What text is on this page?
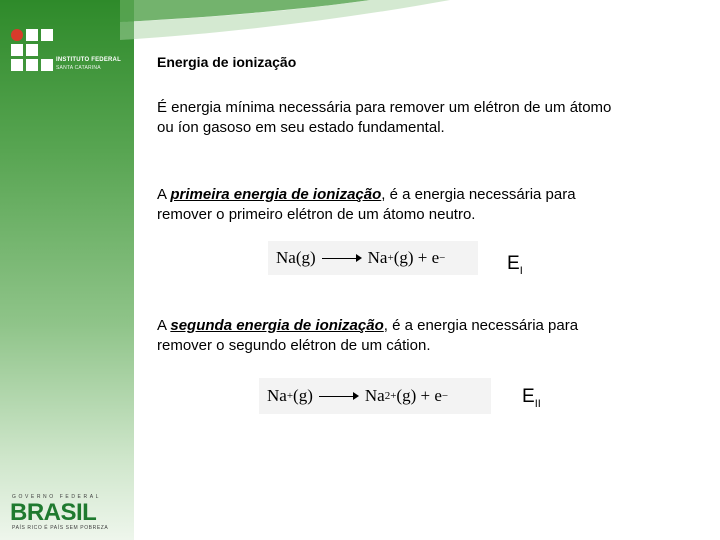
INSTITUTO FEDERAL
SANTA CATARINA	Energia de ionização

É energia mínima necessária para remover um elétron de um átomo ou íon gasoso em seu estado fundamental.

A primeira energia de ionização, é a energia necessária para remover o primeiro elétron de um átomo neutro.

Na(g)	Na + (g) + e −	$E_I$

A segunda energia de ionização, é a energia necessária para remover o segundo elétron de um cátion.

Na + (g)	Na 2+ (g) + e −	$E_{II}$
GOVERNO FEDERAL
BRASIL
PAÍS RICO É PAÍS SEM POBREZA
